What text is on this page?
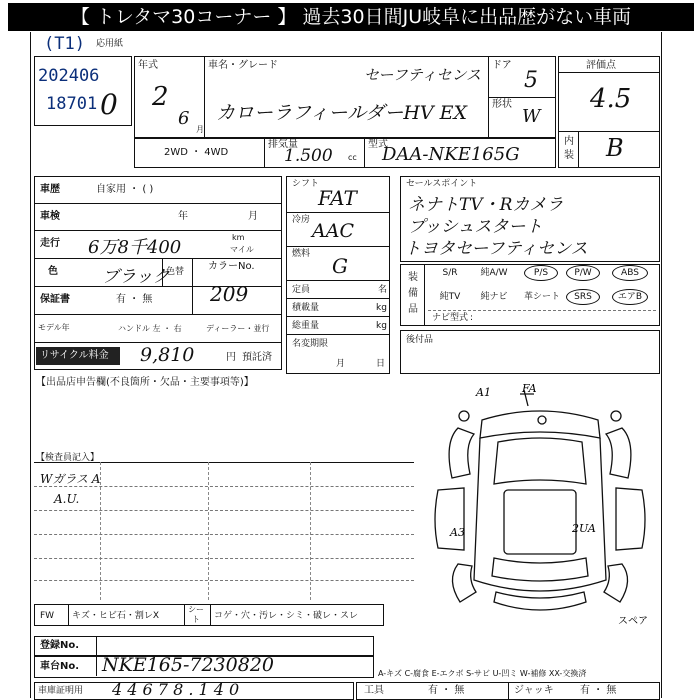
【 トレタマ30コーナー 】 過去30日間JU岐阜に出品歴がない車両
応用紙
0
(T1)
202406
18701
年式
2
6
月
車名・グレード
セーフティセンス
カローラフィールダーHV EX
ドア
5
形状
W
評価点
4.5
内
装 B
2WD ・ 4WD
排気量
1.500 cc
型式
DAA-NKE165G
車歴	自家用 ・ ( )
車検	年	月
走行 6万8千400	km
マイル
色	ブラック
色替 カラーNo.
209
保証書	有 ・ 無
モデル年	ハンドル 左 ・ 右	ディーラー・並行
リサイクル料金	9,810	円 預託済
シフト
FAT
冷房 AAC
燃料 G
定員	名
積載量	kg
総重量	kg
名変期限
月	日
セールスポイント
ネナトTV・Rカメラ
プッシュスタート
トヨタセーフティセンス
装
備
品
S/R	純A/W	P/S	P/W	ABS
純TV	純ナビ	革シート	SRS	エアB
ナビ型式 :
後付品
【出品店申告欄(不良箇所・欠品・主要事項等)】
【検査員記入】
Wガラス A
A.U.
A1	FA
A3	2UA
スペア
FW キズ・ヒビ石・割レX
シー
ト コゲ・穴・汚レ・シミ・破レ・スレ
登録No.
車台No. NKE165-7230820	A-キズ C-腐食 E-エクボ S-サビ U-凹ミ W-補修 XX-交換済
車庫証明用 4 4 6 7 8 . 1 4 0	工具	有 ・ 無	ジャッキ	有 ・ 無
